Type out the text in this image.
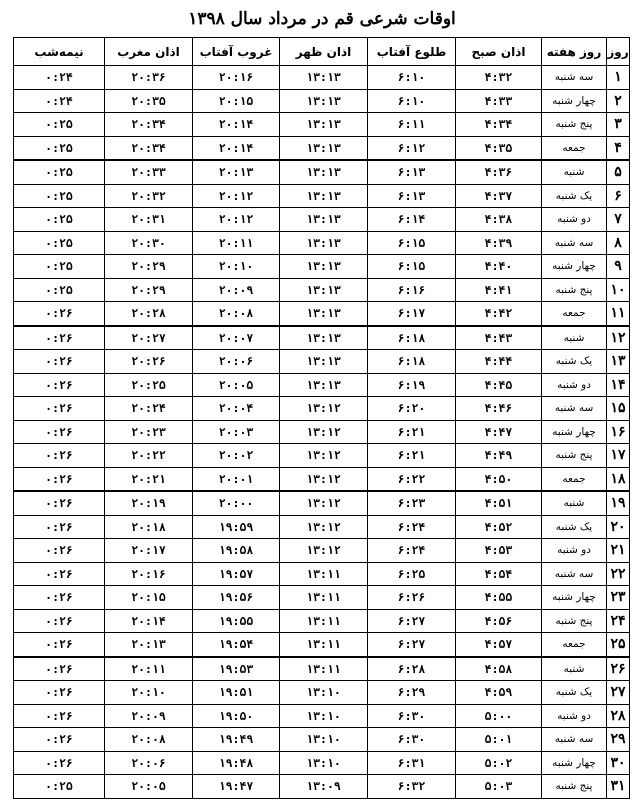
اوقات شرعی قم در مرداد سال ۱۳۹۸
روز	روز هفته	اذان صبح	طلوع آفتاب	اذان ظهر	غروب آفتاب	اذان مغرب	نیمه‌شب
۱	سه شنبه	۴:۳۲	۶:۱۰	۱۳:۱۳	۲۰:۱۶	۲۰:۳۶	۰:۲۴
۲	چهار شنبه	۴:۳۳	۶:۱۰	۱۳:۱۳	۲۰:۱۵	۲۰:۳۵	۰:۲۴
۳	پنج شنبه	۴:۳۴	۶:۱۱	۱۳:۱۳	۲۰:۱۴	۲۰:۳۴	۰:۲۵
۴	جمعه	۴:۳۵	۶:۱۲	۱۳:۱۳	۲۰:۱۴	۲۰:۳۴	۰:۲۵
۵	شنبه	۴:۳۶	۶:۱۳	۱۳:۱۳	۲۰:۱۳	۲۰:۳۳	۰:۲۵
۶	یک شنبه	۴:۳۷	۶:۱۳	۱۳:۱۳	۲۰:۱۲	۲۰:۳۲	۰:۲۵
۷	دو شنبه	۴:۳۸	۶:۱۴	۱۳:۱۳	۲۰:۱۲	۲۰:۳۱	۰:۲۵
۸	سه شنبه	۴:۳۹	۶:۱۵	۱۳:۱۳	۲۰:۱۱	۲۰:۳۰	۰:۲۵
۹	چهار شنبه	۴:۴۰	۶:۱۵	۱۳:۱۳	۲۰:۱۰	۲۰:۲۹	۰:۲۵
۱۰	پنج شنبه	۴:۴۱	۶:۱۶	۱۳:۱۳	۲۰:۰۹	۲۰:۲۹	۰:۲۵
۱۱	جمعه	۴:۴۲	۶:۱۷	۱۳:۱۳	۲۰:۰۸	۲۰:۲۸	۰:۲۶
۱۲	شنبه	۴:۴۳	۶:۱۸	۱۳:۱۳	۲۰:۰۷	۲۰:۲۷	۰:۲۶
۱۳	یک شنبه	۴:۴۴	۶:۱۸	۱۳:۱۳	۲۰:۰۶	۲۰:۲۶	۰:۲۶
۱۴	دو شنبه	۴:۴۵	۶:۱۹	۱۳:۱۳	۲۰:۰۵	۲۰:۲۵	۰:۲۶
۱۵	سه شنبه	۴:۴۶	۶:۲۰	۱۳:۱۲	۲۰:۰۴	۲۰:۲۴	۰:۲۶
۱۶	چهار شنبه	۴:۴۷	۶:۲۱	۱۳:۱۲	۲۰:۰۳	۲۰:۲۳	۰:۲۶
۱۷	پنج شنبه	۴:۴۹	۶:۲۱	۱۳:۱۲	۲۰:۰۲	۲۰:۲۲	۰:۲۶
۱۸	جمعه	۴:۵۰	۶:۲۲	۱۳:۱۲	۲۰:۰۱	۲۰:۲۱	۰:۲۶
۱۹	شنبه	۴:۵۱	۶:۲۳	۱۳:۱۲	۲۰:۰۰	۲۰:۱۹	۰:۲۶
۲۰	یک شنبه	۴:۵۲	۶:۲۴	۱۳:۱۲	۱۹:۵۹	۲۰:۱۸	۰:۲۶
۲۱	دو شنبه	۴:۵۳	۶:۲۴	۱۳:۱۲	۱۹:۵۸	۲۰:۱۷	۰:۲۶
۲۲	سه شنبه	۴:۵۴	۶:۲۵	۱۳:۱۱	۱۹:۵۷	۲۰:۱۶	۰:۲۶
۲۳	چهار شنبه	۴:۵۵	۶:۲۶	۱۳:۱۱	۱۹:۵۶	۲۰:۱۵	۰:۲۶
۲۴	پنج شنبه	۴:۵۶	۶:۲۷	۱۳:۱۱	۱۹:۵۵	۲۰:۱۴	۰:۲۶
۲۵	جمعه	۴:۵۷	۶:۲۷	۱۳:۱۱	۱۹:۵۴	۲۰:۱۳	۰:۲۶
۲۶	شنبه	۴:۵۸	۶:۲۸	۱۳:۱۱	۱۹:۵۳	۲۰:۱۱	۰:۲۶
۲۷	یک شنبه	۴:۵۹	۶:۲۹	۱۳:۱۰	۱۹:۵۱	۲۰:۱۰	۰:۲۶
۲۸	دو شنبه	۵:۰۰	۶:۳۰	۱۳:۱۰	۱۹:۵۰	۲۰:۰۹	۰:۲۶
۲۹	سه شنبه	۵:۰۱	۶:۳۰	۱۳:۱۰	۱۹:۴۹	۲۰:۰۸	۰:۲۶
۳۰	چهار شنبه	۵:۰۲	۶:۳۱	۱۳:۱۰	۱۹:۴۸	۲۰:۰۶	۰:۲۶
۳۱	پنج شنبه	۵:۰۳	۶:۳۲	۱۳:۰۹	۱۹:۴۷	۲۰:۰۵	۰:۲۵
